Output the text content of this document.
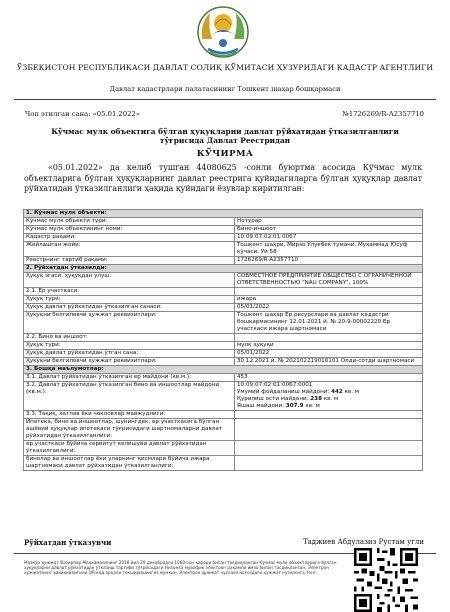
ЎЗБЕКИСТОН РЕСПУБЛИКАСИ ДАВЛАТ СОЛИҚ ҚЎМИТАСИ ҲУЗУРИДАГИ КАДАСТР АГЕНТЛИГИ
Давлат кадастрлари палатасининг Тошкент шаҳар бошқармаси
Чоп этилган сана: «05.01.2022»	№1726269/R-A2357710
Кўчмас мулк объектига бўлган ҳуқуқларни давлат рўйхатидан ўтказилганлиги тўғрисида Давлат Реестридан
КЎЧИРМА
«05.01.2022» да келиб тушган 44080625 -сонли буюртма асосида Кўчмас мулк объектларига бўлган ҳуқуқларнинг давлат реестрига қуйидагиларга бўлган ҳуқуқлар давлат рўйхатидан ўтказилганлиги ҳақида қуйидаги ёзувлар киритилган:
1. Кўчмас мулк объекти:	
Кўчмас мулк объекти тури:	Нотурар
Кўчмас мулк объектининг номи:	Бино-иншоот
Кадастр рақами:	10:09:07:02:01:0067
Жойлашган жойи:	Тошкент шаҳри, Мирзо Улуғбек тумани, Муҳаммад Юсуф кўчаси, Уй 58
Реестрнинг тартиб рақами:	1726269/R-A2357710
2. Рўйхатдан ўтказилди:	
Ҳуқуқ эгаси, ҳуқуқдан улуш:	СОВМЕСТНОЕ ПРЕДПРИЯТИЕ ОБЩЕСТВО С ОГРАНИЧЕННОЙ ОТВЕТСТВЕННОСТЬЮ "NAU COMPANY", 100%
2.1. Ер участкаси:	
Ҳуқуқ тури:	ижара
Ҳуқуқ давлат рўйхатидан ўтказилган санаси:	05/01/2022
Ҳуқуқни белгиловчи ҳужжат реквизитлари:	Тошкент шаҳар Ер ресурслари ва давлат кадастри бошқармасининг 12.01.2021 й. № 20-9-00002220 Ер участкаси ижара шартномаси
2.2. Бино ва иншоот:	
Ҳуқуқ тури:	мулк ҳуқуқи
Ҳуқуқ давлат рўйхатидан ўтган сана:	05/01/2022
Ҳуқуқни белгиловчи ҳужжат реквизитлари:	30.12.2021 й. № 202102219010101 Олди-сотди шартномаси
3. Бошқа маълумотлар:	
3.1. Давлат рўйхатидан ўтказилган ер майдони (кв.м.):	453
3.2. Давлат рўйхатидан ўтказилган бино ва иншоотлар майдони (кв.м.):	10:09:07:02:01:0067:0001
Умумий фойдаланиш майдони: 442 кв. м
Қурилиш ости майдони: 238 кв. м
Яшаш майдони: 307.9 кв. м
3.3. Тақиқ, хатлов ёки чекловлар мавжудлиги:	
Ипотека, бино ва иншоотлар, шунингдек, ер участкасига бўлган ашёвий ҳуқуқлар ипотекаси тўғрисидаги шартномаларни давлат рўйхатидан ўтказилганлиги:	
ер участкаси бўйича сервитут келишуви давлат рўйхатидан ўтказилганлиги:	
бинолар ва иншоотлар ёки уларнинг қисмлари бўйича ижара шартномаси давлат рўйхатидан ўтказилганлиги:	
Рўйхатдан ўтказувчи	Таджиев Абдулазиз Рустам угли
Мазкур ҳужжат Вазирлар Маҳкамасининг 2018 йил 29 декабрдаги 1060-сон қарори билан тасдиқланган Кўчмас мулк объектларига бўлган ҳуқуқларни давлат рўйхатидан ўтказиш тартиби тўғрисидаги Низомга мувофиқ электрон рақамли имзо билан тасдиқланган. Электрон ҳужжатнинг ҳақиқийлигини QR-код орқали текширишингиз мумкин. Электрон ҳужжат нусхаси қоғоздаги ҳужжат нусхасига тенг.
